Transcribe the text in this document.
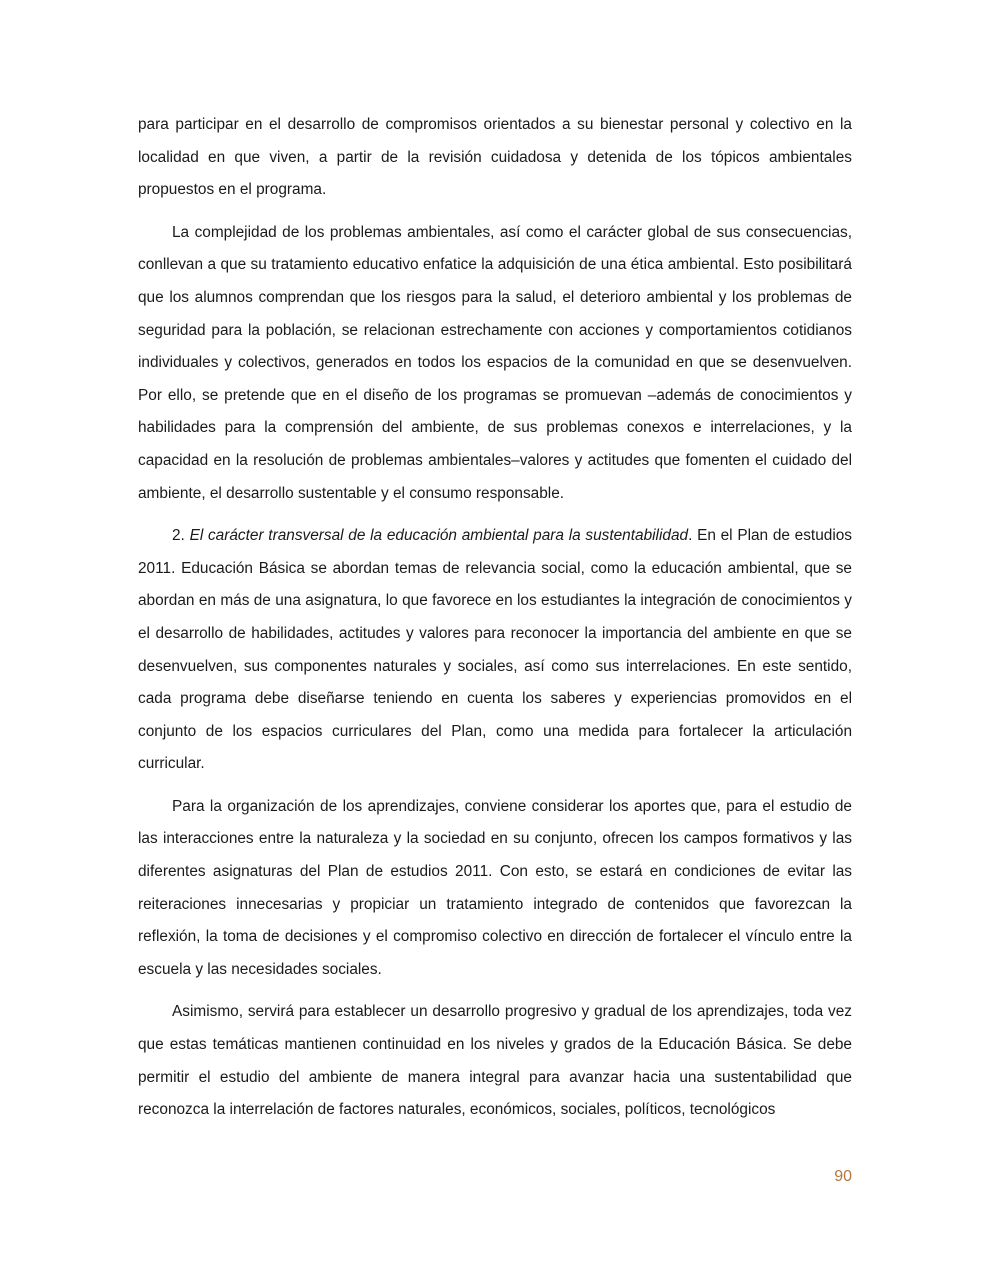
para participar en el desarrollo de compromisos orientados a su bienestar personal y colectivo en la localidad en que viven, a partir de la revisión cuidadosa y detenida de los tópicos ambientales propuestos en el programa.

La complejidad de los problemas ambientales, así como el carácter global de sus consecuencias, conllevan a que su tratamiento educativo enfatice la adquisición de una ética ambiental. Esto posibilitará que los alumnos comprendan que los riesgos para la salud, el deterioro ambiental y los problemas de seguridad para la población, se relacionan estrechamente con acciones y comportamientos cotidianos individuales y colectivos, generados en todos los espacios de la comunidad en que se desenvuelven. Por ello, se pretende que en el diseño de los programas se promuevan –además de conocimientos y habilidades para la comprensión del ambiente, de sus problemas conexos e interrelaciones, y la capacidad en la resolución de problemas ambientales–valores y actitudes que fomenten el cuidado del ambiente, el desarrollo sustentable y el consumo responsable.

2. El carácter transversal de la educación ambiental para la sustentabilidad. En el Plan de estudios 2011. Educación Básica se abordan temas de relevancia social, como la educación ambiental, que se abordan en más de una asignatura, lo que favorece en los estudiantes la integración de conocimientos y el desarrollo de habilidades, actitudes y valores para reconocer la importancia del ambiente en que se desenvuelven, sus componentes naturales y sociales, así como sus interrelaciones. En este sentido, cada programa debe diseñarse teniendo en cuenta los saberes y experiencias promovidos en el conjunto de los espacios curriculares del Plan, como una medida para fortalecer la articulación curricular.

Para la organización de los aprendizajes, conviene considerar los aportes que, para el estudio de las interacciones entre la naturaleza y la sociedad en su conjunto, ofrecen los campos formativos y las diferentes asignaturas del Plan de estudios 2011. Con esto, se estará en condiciones de evitar las reiteraciones innecesarias y propiciar un tratamiento integrado de contenidos que favorezcan la reflexión, la toma de decisiones y el compromiso colectivo en dirección de fortalecer el vínculo entre la escuela y las necesidades sociales.

Asimismo, servirá para establecer un desarrollo progresivo y gradual de los aprendizajes, toda vez que estas temáticas mantienen continuidad en los niveles y grados de la Educación Básica. Se debe permitir el estudio del ambiente de manera integral para avanzar hacia una sustentabilidad que reconozca la interrelación de factores naturales, económicos, sociales, políticos, tecnológicos

90
